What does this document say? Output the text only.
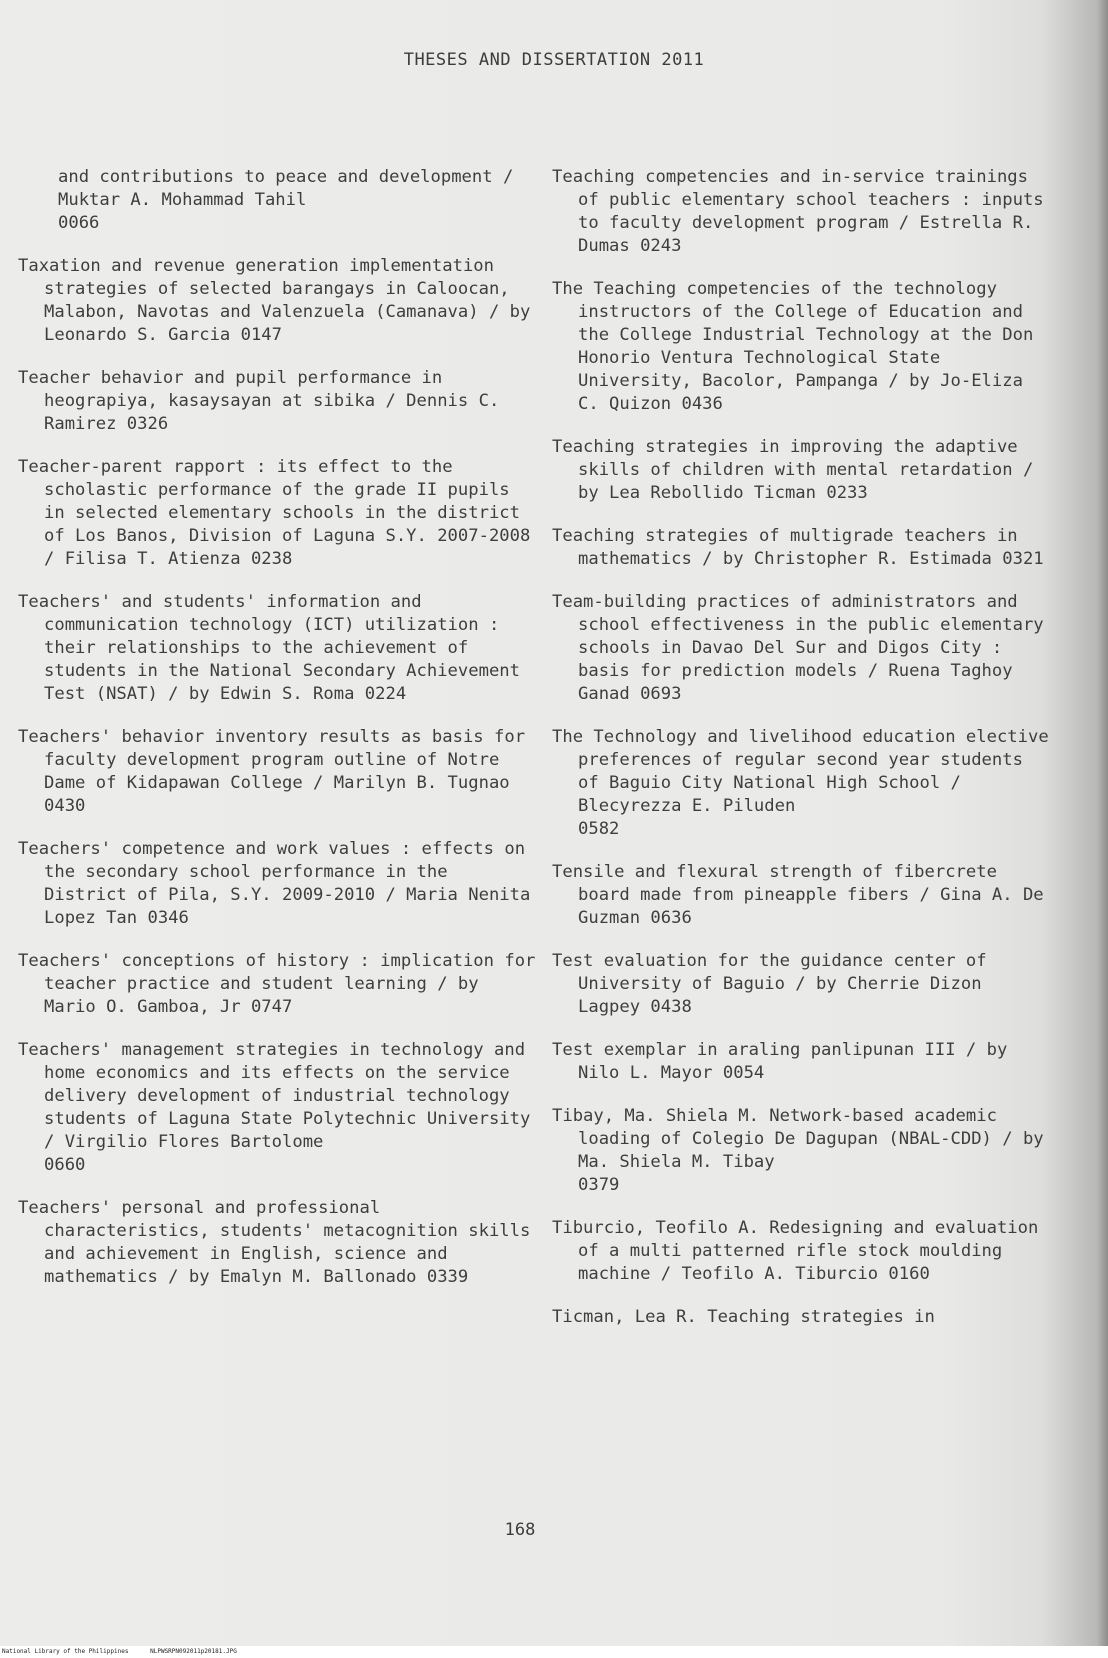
THESES AND DISSERTATION 2011

and contributions to peace and development / Muktar A. Mohammad Tahil
0066

Taxation and revenue generation implementation strategies of selected barangays in Caloocan, Malabon, Navotas and Valenzuela (Camanava) / by Leonardo S. Garcia 0147

Teacher behavior and pupil performance in heograpiya, kasaysayan at sibika / Dennis C. Ramirez 0326

Teacher-parent rapport : its effect to the scholastic performance of the grade II pupils in selected elementary schools in the district of Los Banos, Division of Laguna S.Y. 2007-2008 / Filisa T. Atienza 0238

Teachers' and students' information and communication technology (ICT) utilization : their relationships to the achievement of students in the National Secondary Achievement Test (NSAT) / by Edwin S. Roma 0224

Teachers' behavior inventory results as basis for faculty development program outline of Notre Dame of Kidapawan College / Marilyn B. Tugnao 0430

Teachers' competence and work values : effects on the secondary school performance in the District of Pila, S.Y. 2009-2010 / Maria Nenita Lopez Tan 0346

Teachers' conceptions of history : implication for teacher practice and student learning / by Mario O. Gamboa, Jr 0747

Teachers' management strategies in technology and home economics and its effects on the service delivery development of industrial technology students of Laguna State Polytechnic University / Virgilio Flores Bartolome
0660

Teachers' personal and professional characteristics, students' metacognition skills and achievement in English, science and mathematics / by Emalyn M. Ballonado 0339

Teaching competencies and in-service trainings of public elementary school teachers : inputs to faculty development program / Estrella R. Dumas 0243

The Teaching competencies of the technology instructors of the College of Education and the College Industrial Technology at the Don Honorio Ventura Technological State University, Bacolor, Pampanga / by Jo-Eliza C. Quizon 0436

Teaching strategies in improving the adaptive skills of children with mental retardation / by Lea Rebollido Ticman 0233

Teaching strategies of multigrade teachers in mathematics / by Christopher R. Estimada 0321

Team-building practices of administrators and school effectiveness in the public elementary schools in Davao Del Sur and Digos City : basis for prediction models / Ruena Taghoy Ganad 0693

The Technology and livelihood education elective preferences of regular second year students of Baguio City National High School / Blecyrezza E. Piluden
0582

Tensile and flexural strength of fibercrete board made from pineapple fibers / Gina A. De Guzman 0636

Test evaluation for the guidance center of University of Baguio / by Cherrie Dizon Lagpey 0438

Test exemplar in araling panlipunan III / by Nilo L. Mayor 0054

Tibay, Ma. Shiela M. Network-based academic loading of Colegio De Dagupan (NBAL-CDD) / by Ma. Shiela M. Tibay
0379

Tiburcio, Teofilo A. Redesigning and evaluation of a multi patterned rifle stock moulding machine / Teofilo A. Tiburcio 0160

Ticman, Lea R. Teaching strategies in

168
National Library of the Philippines	NLPWSRPN092011p20181.JPG
